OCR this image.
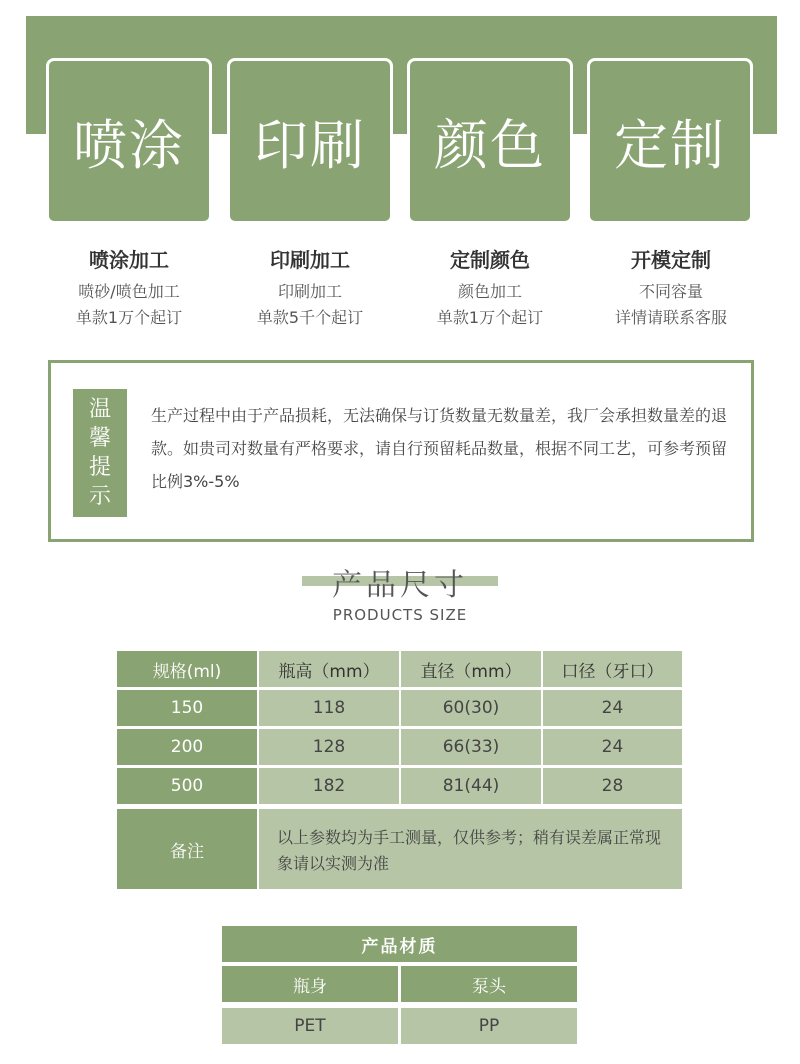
喷涂	印刷	颜色	定制
喷涂加工
喷砂/喷色加工
单款1万个起订
印刷加工
印刷加工
单款5千个起订
定制颜色
颜色加工
单款1万个起订
开模定制
不同容量
详情请联系客服
温
馨
提
示
生产过程中由于产品损耗，无法确保与订货数量无数量差，我厂会承担数量差的退款。如贵司对数量有严格要求，请自行预留耗品数量，根据不同工艺，可参考预留比例3%-5%
产品尺寸
PRODUCTS SIZE
规格(ml)	瓶高（mm）	直径（mm）	口径（牙口）
150	118	60(30)	24
200	128	66(33)	24
500	182	81(44)	28
备注
以上参数均为手工测量，仅供参考；稍有误差属正常现象请以实测为准
产品材质
瓶身	泵头
PET	PP
